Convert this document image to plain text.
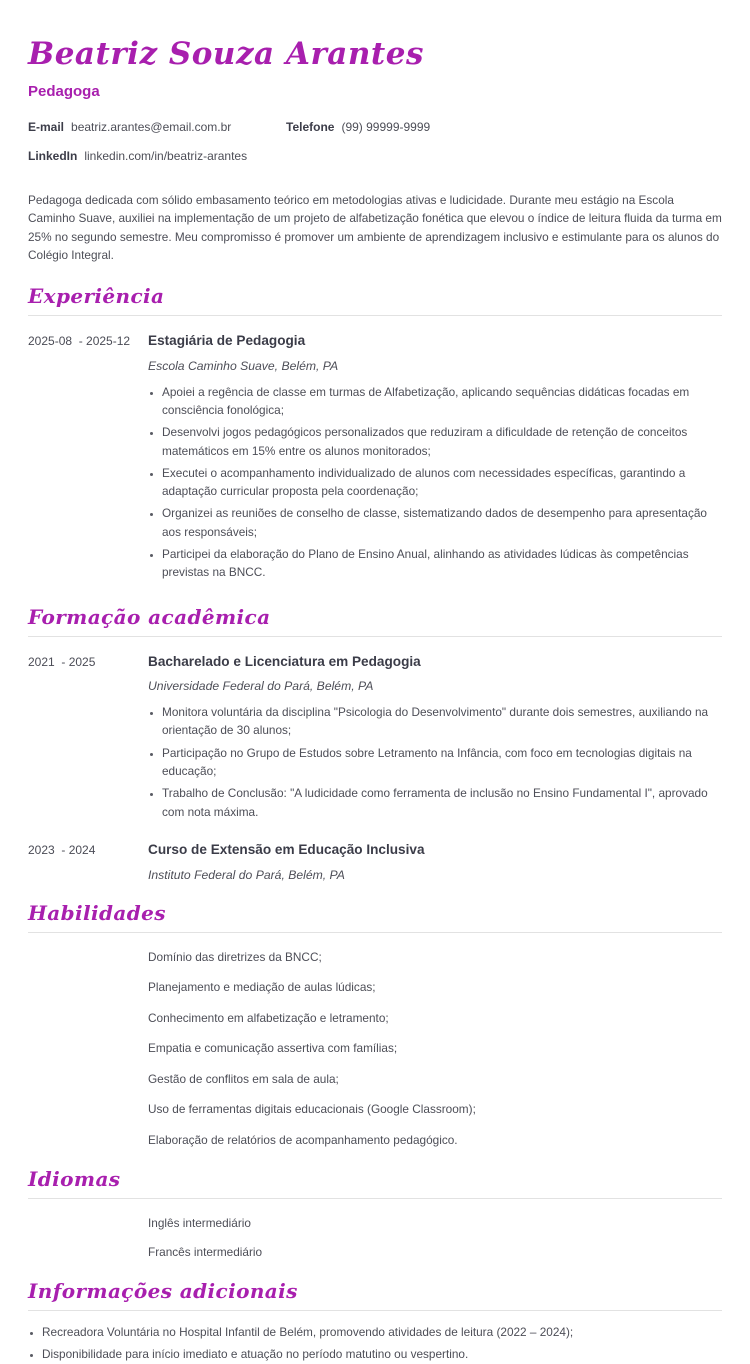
Beatriz Souza Arantes
Pedagoga
E-mail beatriz.arantes@email.com.br	Telefone (99) 99999-9999
LinkedIn linkedin.com/in/beatriz-arantes

Pedagoga dedicada com sólido embasamento teórico em metodologias ativas e ludicidade. Durante meu estágio na Escola Caminho Suave, auxiliei na implementação de um projeto de alfabetização fonética que elevou o índice de leitura fluida da turma em 25% no segundo semestre. Meu compromisso é promover um ambiente de aprendizagem inclusivo e estimulante para os alunos do Colégio Integral.

Experiência
2025-08  - 2025-12	Estagiária de Pedagogia
Escola Caminho Suave, Belém, PA
• Apoiei a regência de classe em turmas de Alfabetização, aplicando sequências didáticas focadas em consciência fonológica;
• Desenvolvi jogos pedagógicos personalizados que reduziram a dificuldade de retenção de conceitos matemáticos em 15% entre os alunos monitorados;
• Executei o acompanhamento individualizado de alunos com necessidades específicas, garantindo a adaptação curricular proposta pela coordenação;
• Organizei as reuniões de conselho de classe, sistematizando dados de desempenho para apresentação aos responsáveis;
• Participei da elaboração do Plano de Ensino Anual, alinhando as atividades lúdicas às competências previstas na BNCC.
Formação acadêmica
2021  - 2025	Bacharelado e Licenciatura em Pedagogia
Universidade Federal do Pará, Belém, PA
• Monitora voluntária da disciplina "Psicologia do Desenvolvimento" durante dois semestres, auxiliando na orientação de 30 alunos;
• Participação no Grupo de Estudos sobre Letramento na Infância, com foco em tecnologias digitais na educação;
• Trabalho de Conclusão: "A ludicidade como ferramenta de inclusão no Ensino Fundamental I", aprovado com nota máxima.
2023  - 2024	Curso de Extensão em Educação Inclusiva
Instituto Federal do Pará, Belém, PA
Habilidades
Domínio das diretrizes da BNCC;
Planejamento e mediação de aulas lúdicas;
Conhecimento em alfabetização e letramento;
Empatia e comunicação assertiva com famílias;
Gestão de conflitos em sala de aula;
Uso de ferramentas digitais educacionais (Google Classroom);
Elaboração de relatórios de acompanhamento pedagógico.
Idiomas
Inglês intermediário
Francês intermediário
Informações adicionais
• Recreadora Voluntária no Hospital Infantil de Belém, promovendo atividades de leitura (2022 – 2024);
• Disponibilidade para início imediato e atuação no período matutino ou vespertino.
